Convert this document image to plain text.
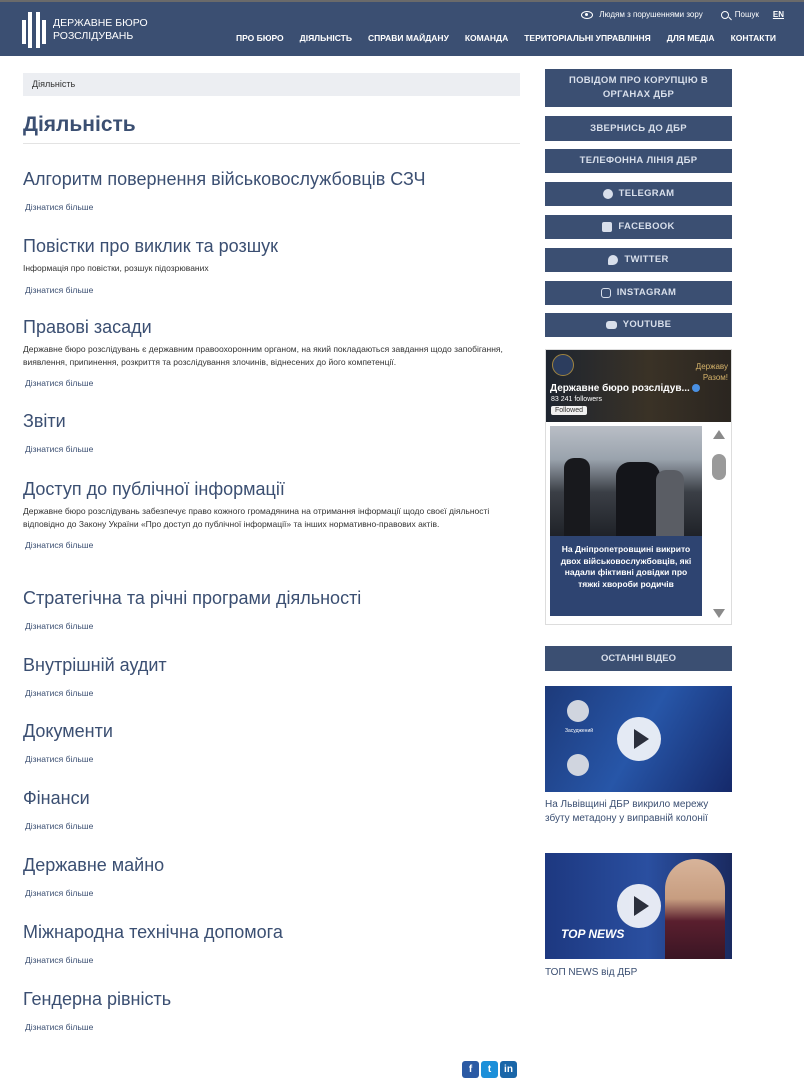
ДЕРЖАВНЕ БЮРО
РОЗСЛІДУВАНЬ
Людям з порушеннями зору	Пошук EN
ПРО БЮРО ДІЯЛЬНІСТЬ СПРАВИ МАЙДАНУ КОМАНДА ТЕРИТОРІАЛЬНІ УПРАВЛІННЯ ДЛЯ МЕДІА КОНТАКТИ
Діяльність
Діяльність
Алгоритм повернення військовослужбовців СЗЧ
Дізнатися більше
Повістки про виклик та розшук

Інформація про повістки, розшук підозрюваних

Дізнатися більше
Правові засади

Державне бюро розслідувань є державним правоохоронним органом, на який покладаються завдання щодо запобігання, виявлення, припинення, розкриття та розслідування злочинів, віднесених до його компетенції.

Дізнатися більше
Звіти
Дізнатися більше
Доступ до публічної інформації

Державне бюро розслідувань забезпечує право кожного громадянина на отримання інформації щодо своєї діяльності відповідно до Закону України «Про доступ до публічної інформації» та інших нормативно-правових актів.

Дізнатися більше
Стратегічна та річні програми діяльності
Дізнатися більше
Внутрішній аудит
Дізнатися більше
Документи
Дізнатися більше
Фінанси
Дізнатися більше
Державне майно
Дізнатися більше
Міжнародна технічна допомога
Дізнатися більше
Гендерна рівність
Дізнатися більше
f	t	in
ПОВІДОМ ПРО КОРУПЦІЮ В
ОРГАНАХ ДБР
ЗВЕРНИСЬ ДО ДБР
ТЕЛЕФОННА ЛІНІЯ ДБР
TELEGRAM
FACEBOOK
TWITTER
INSTAGRAM
YOUTUBE
Державу
Разом!
Державне бюро розслідув...
83 241 followers
Followed
На Дніпропетровщині викрито двох військовослужбовців, які надали фіктивні довідки про тяжкі хвороби родичів
ОСТАННІ ВІДЕО
Засуджений
На Львівщині ДБР викрило мережу збуту метадону у виправній колонії
TOP NEWS
ТОП NEWS від ДБР
